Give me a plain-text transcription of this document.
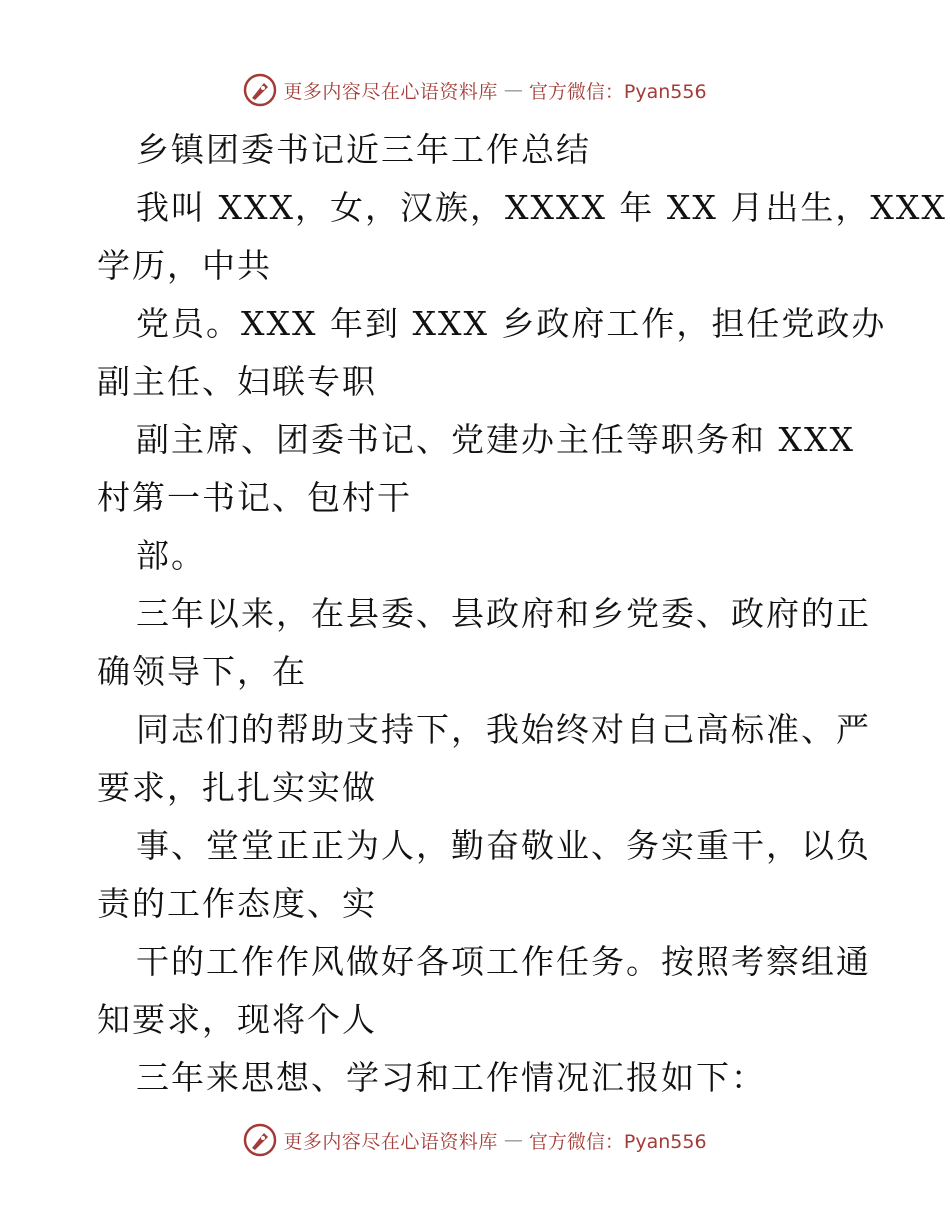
更多内容尽在心语资料库 — 官方微信：Pyan556
乡镇团委书记近三年工作总结
我叫 XXX，女，汉族，XXXX 年 XX 月出生，XXX
学历，中共
党员。XXX 年到 XXX 乡政府工作，担任党政办
副主任、妇联专职
副主席、团委书记、党建办主任等职务和 XXX
村第一书记、包村干
部。
三年以来，在县委、县政府和乡党委、政府的正
确领导下，在
同志们的帮助支持下，我始终对自己高标准、严
要求，扎扎实实做
事、堂堂正正为人，勤奋敬业、务实重干，以负
责的工作态度、实
干的工作作风做好各项工作任务。按照考察组通
知要求，现将个人
三年来思想、学习和工作情况汇报如下：
更多内容尽在心语资料库 — 官方微信：Pyan556
